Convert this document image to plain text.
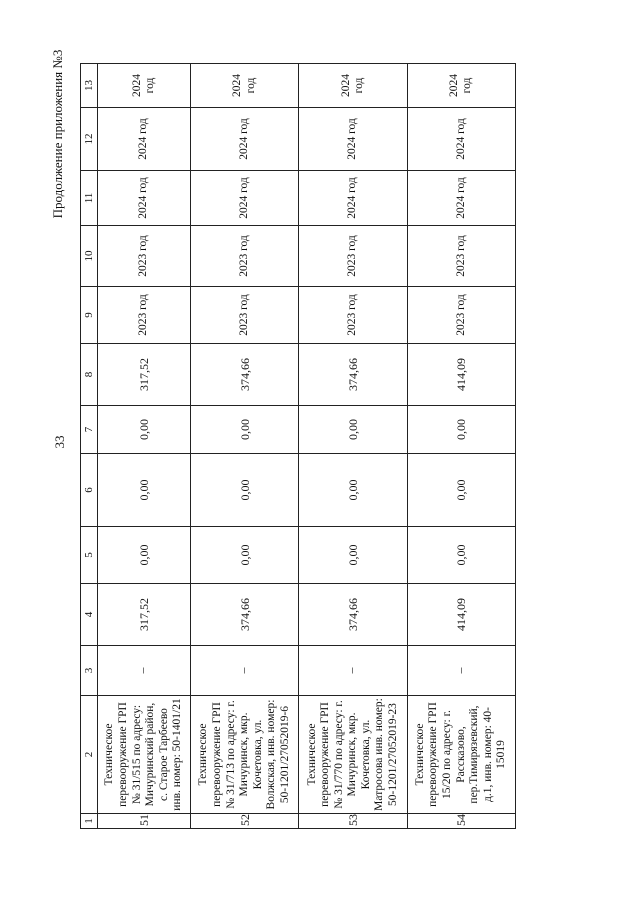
33
Продолжение приложения №3
1	2	3	4	5	6	7	8	9	10	11	12	13
51	Техническое перевооружение ГРП № 31/515 по адресу: Мичуринский район, с. Старое Тарбеево инв. номер: 50-1401/21	–	317,52	0,00	0,00	0,00	317,52	2023 год	2023 год	2024 год	2024 год	2024 год
52	Техническое перевооружение ГРП № 31/713 по адресу: г. Мичуринск, мкр. Кочетовка, ул. Волжская, инв. номер: 50-1201/27052019-6	–	374,66	0,00	0,00	0,00	374,66	2023 год	2023 год	2024 год	2024 год	2024 год
53	Техническое перевооружение ГРП № 31/770 по адресу: г. Мичуринск, мкр. Кочетовка, ул. Матросова инв. номер: 50-1201/27052019-23	–	374,66	0,00	0,00	0,00	374,66	2023 год	2023 год	2024 год	2024 год	2024 год
54	Техническое перевооружение ГРП 15/20 по адресу: г. Рассказово, пер.Тимирязевский, д.1, инв. номер: 40-15019	–	414,09	0,00	0,00	0,00	414,09	2023 год	2023 год	2024 год	2024 год	2024 год
